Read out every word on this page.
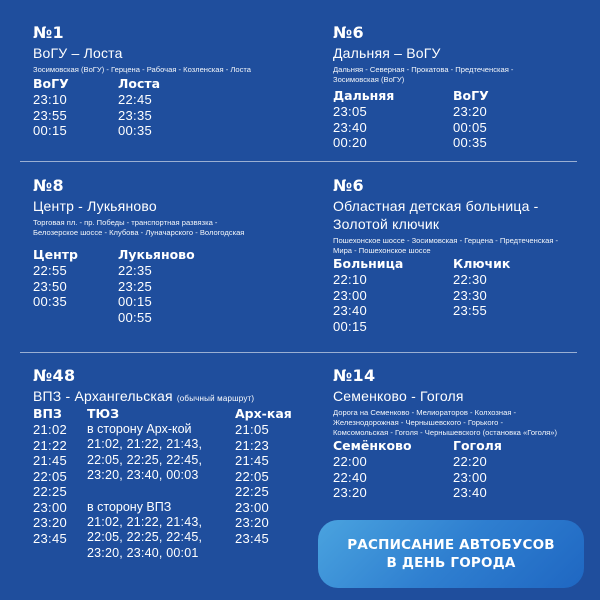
№1
ВоГУ – Лоста
Зосимовская (ВоГУ) - Герцена - Рабочая - Козленская - Лоста
ВоГУ
23:10
23:55
00:15
Лоста
22:45
23:35
00:35
№6
Дальняя – ВоГУ
Дальняя - Северная - Прокатова - Предтеченская -
Зосимовская (ВоГУ)
Дальняя
23:05
23:40
00:20
ВоГУ
23:20
00:05
00:35
№8
Центр - Лукьяново
Торговая пл. - пр. Победы - транспортная развязка -
Белозерское шоссе - Клубова - Луначарского - Вологодская
Центр
22:55
23:50
00:35
Лукьяново
22:35
23:25
00:15
00:55
№6
Областная детская больница -
Золотой ключик
Пошехонское шоссе - Зосимовская - Герцена - Предтеченская -
Мира - Пошехонское шоссе
Больница
22:10
23:00
23:40
00:15
Ключик
22:30
23:30
23:55
№48
ВПЗ - Архангельская (обычный маршрут)
ВПЗ
21:02
21:22
21:45
22:05
22:25
23:00
23:20
23:45
ТЮЗ
в сторону Арх-кой
21:02, 21:22, 21:43,
22:05, 22:25, 22:45,
23:20, 23:40, 00:03
в сторону ВПЗ
21:02, 21:22, 21:43,
22:05, 22:25, 22:45,
23:20, 23:40, 00:01
Арх-кая
21:05
21:23
21:45
22:05
22:25
23:00
23:20
23:45
№14
Семенково - Гоголя
Дорога на Семенково - Мелиораторов - Колхозная -
Железнодорожная - Чернышевского - Горького -
Комсомольская - Гоголя - Чернышевского (остановка «Гоголя»)
Семёнково
22:00
22:40
23:20
Гоголя
22:20
23:00
23:40
РАСПИСАНИЕ АВТОБУСОВ
В ДЕНЬ ГОРОДА
